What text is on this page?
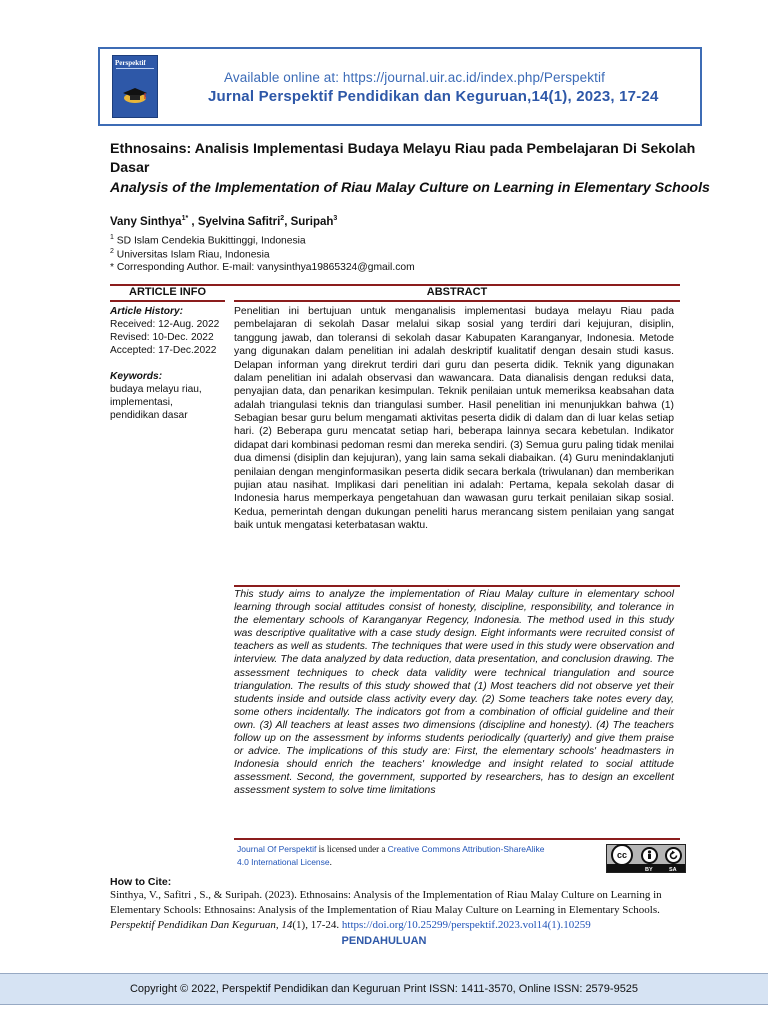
Perspektif
Available online at: https://journal.uir.ac.id/index.php/Perspektif
Jurnal Perspektif Pendidikan dan Keguruan,14(1), 2023, 17-24
Ethnosains: Analisis Implementasi Budaya Melayu Riau pada Pembelajaran Di Sekolah Dasar
Analysis of the Implementation of Riau Malay Culture on Learning in Elementary Schools
Vany Sinthya$^{1*}$ , Syelvina Safitri$^2$, Suripah$^3$
$^1$ SD Islam Cendekia Bukittinggi, Indonesia
$^2$ Universitas Islam Riau, Indonesia
* Corresponding Author. E-mail: vanysinthya19865324@gmail.com
ARTICLE INFO	ABSTRACT
Article History:
Received: 12-Aug. 2022
Revised: 10-Dec. 2022
Accepted: 17-Dec.2022
Keywords:
budaya melayu riau,
implementasi,
pendidikan dasar
Penelitian ini bertujuan untuk menganalisis implementasi budaya melayu Riau pada pembelajaran di sekolah Dasar melalui sikap sosial yang terdiri dari kejujuran, disiplin, tanggung jawab, dan toleransi di sekolah dasar Kabupaten Karanganyar, Indonesia. Metode yang digunakan dalam penelitian ini adalah deskriptif kualitatif dengan desain studi kasus. Delapan informan yang direkrut terdiri dari guru dan peserta didik. Teknik yang digunakan dalam penelitian ini adalah observasi dan wawancara. Data dianalisis dengan reduksi data, penyajian data, dan penarikan kesimpulan. Teknik penilaian untuk memeriksa keabsahan data adalah triangulasi teknis dan triangulasi sumber. Hasil penelitian ini menunjukkan bahwa (1) Sebagian besar guru belum mengamati aktivitas peserta didik di dalam dan di luar kelas setiap hari. (2) Beberapa guru mencatat setiap hari, beberapa lainnya secara kebetulan. Indikator didapat dari kombinasi pedoman resmi dan mereka sendiri. (3) Semua guru paling tidak menilai dua dimensi (disiplin dan kejujuran), yang lain sama sekali diabaikan. (4) Guru menindaklanjuti penilaian dengan menginformasikan peserta didik secara berkala (triwulanan) dan memberikan pujian atau nasihat. Implikasi dari penelitian ini adalah: Pertama, kepala sekolah dasar di Indonesia harus memperkaya pengetahuan dan wawasan guru terkait penilaian sikap sosial. Kedua, pemerintah dengan dukungan peneliti harus merancang sistem penilaian yang sangat baik untuk mengatasi keterbatasan waktu.
This study aims to analyze the implementation of Riau Malay culture in elementary school learning through social attitudes consist of honesty, discipline, responsibility, and tolerance in the elementary schools of Karanganyar Regency, Indonesia. The method used in this study was descriptive qualitative with a case study design. Eight informants were recruited consist of teachers as well as students. The techniques that were used in this study were observation and interview. The data analyzed by data reduction, data presentation, and conclusion drawing. The assessment techniques to check data validity were technical triangulation and source triangulation. The results of this study showed that (1) Most teachers did not observe yet their students inside and outside class activity every day. (2) Some teachers take notes every day, some others incidentally. The indicators got from a combination of official guideline and their own. (3) All teachers at least asses two dimensions (discipline and honesty). (4) The teachers follow up on the assessment by informs students periodically (quarterly) and give them praise or advice. The implications of this study are: First, the elementary schools' headmasters in Indonesia should enrich the teachers' knowledge and insight related to social attitude assessment. Second, the government, supported by researchers, has to design an excellent assessment system to solve time limitations
Journal Of Perspektif is licensed under a Creative Commons Attribution-ShareAlike
4.0 International License.
cc
BY	SA
How to Cite:
Sinthya, V., Safitri , S., & Suripah. (2023). Ethnosains: Analysis of the Implementation of Riau Malay Culture on Learning in Elementary Schools: Ethnosains: Analysis of the Implementation of Riau Malay Culture on Learning in Elementary Schools. Perspektif Pendidikan Dan Keguruan, 14(1), 17-24. https://doi.org/10.25299/perspektif.2023.vol14(1).10259
PENDAHULUAN
Copyright © 2022, Perspektif Pendidikan dan Keguruan Print ISSN: 1411-3570, Online ISSN: 2579-9525
